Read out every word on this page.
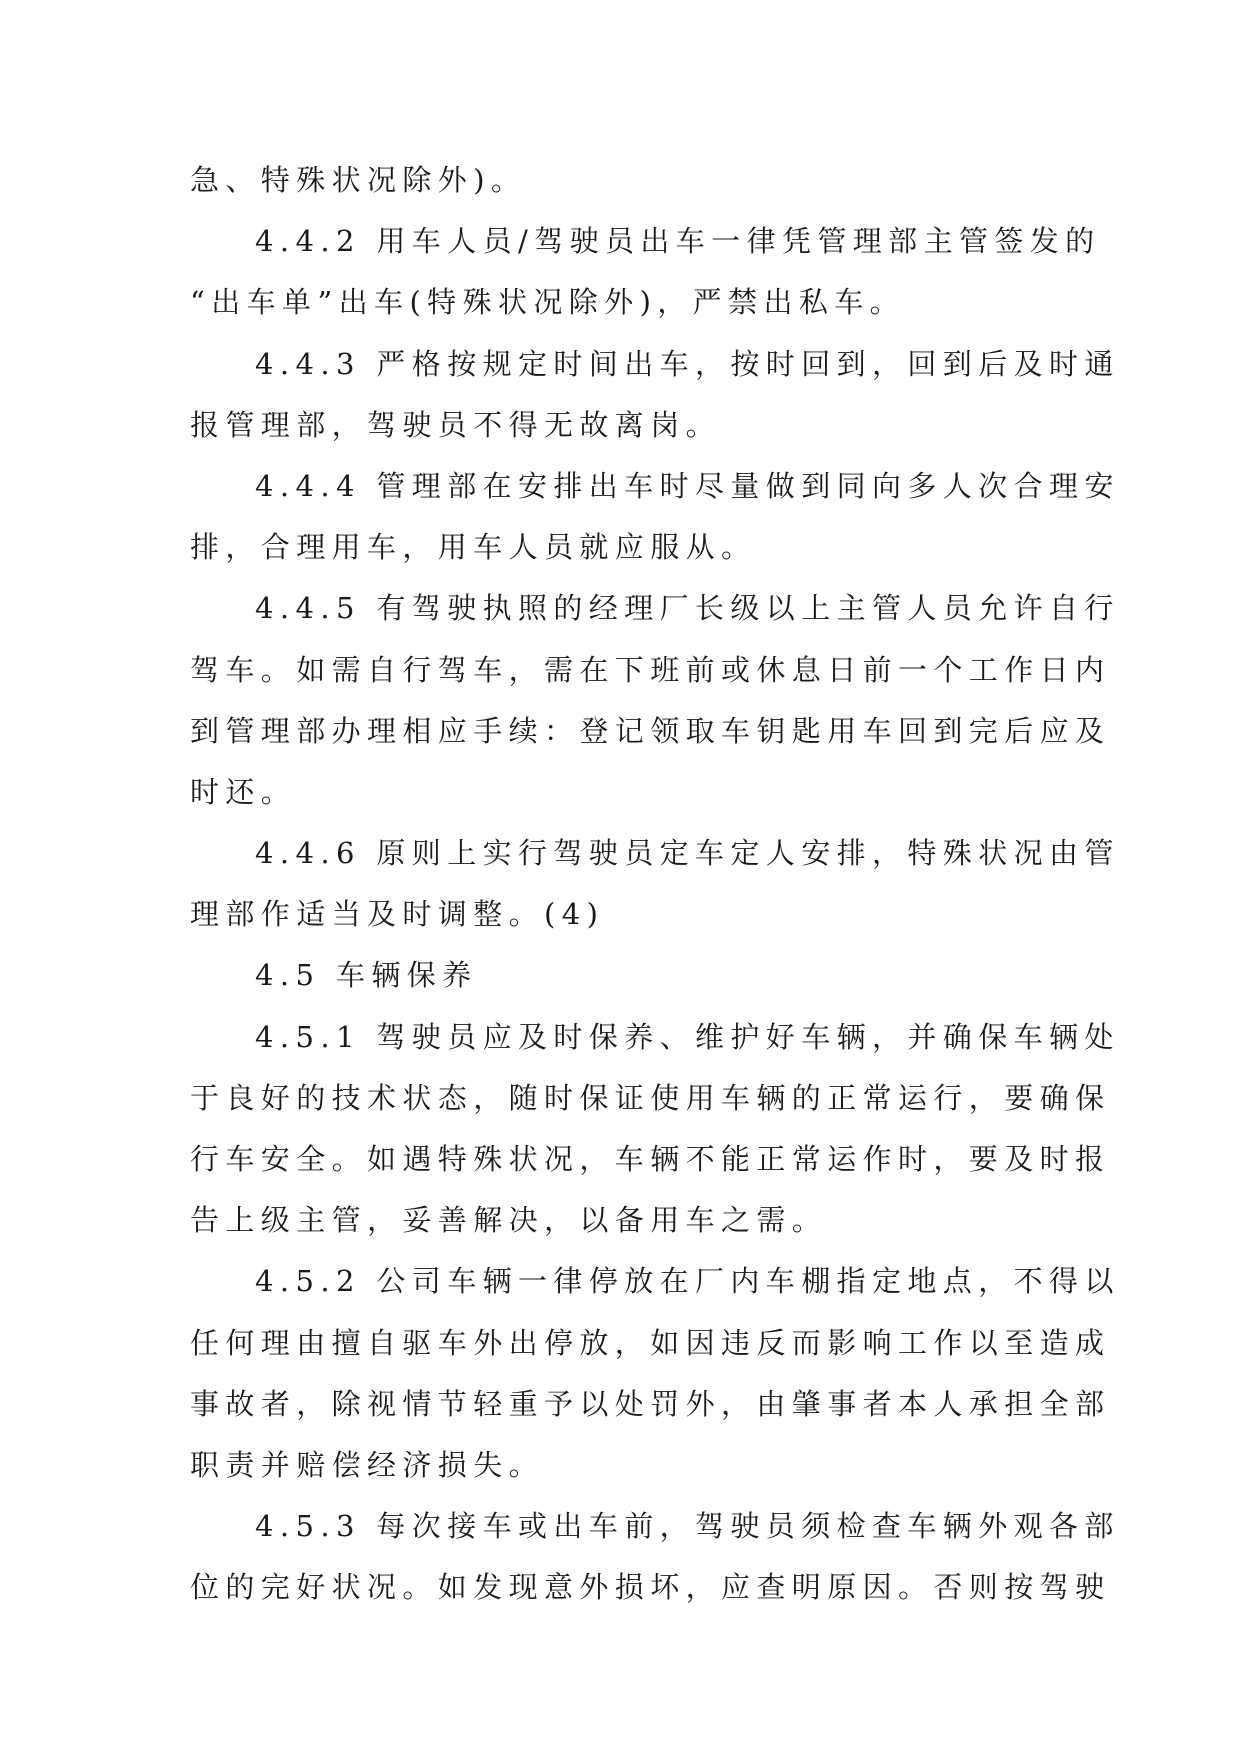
急、特殊状况除外)。
4.4.2 用车人员/驾驶员出车一律凭管理部主管签发的
“出车单”出车(特殊状况除外)，严禁出私车。
4.4.3 严格按规定时间出车，按时回到，回到后及时通
报管理部，驾驶员不得无故离岗。
4.4.4 管理部在安排出车时尽量做到同向多人次合理安
排，合理用车，用车人员就应服从。
4.4.5 有驾驶执照的经理厂长级以上主管人员允许自行
驾车。如需自行驾车，需在下班前或休息日前一个工作日内
到管理部办理相应手续：登记领取车钥匙用车回到完后应及
时还。
4.4.6 原则上实行驾驶员定车定人安排，特殊状况由管
理部作适当及时调整。(4)
4.5 车辆保养
4.5.1 驾驶员应及时保养、维护好车辆，并确保车辆处
于良好的技术状态，随时保证使用车辆的正常运行，要确保
行车安全。如遇特殊状况，车辆不能正常运作时，要及时报
告上级主管，妥善解决，以备用车之需。
4.5.2 公司车辆一律停放在厂内车棚指定地点，不得以
任何理由擅自驱车外出停放，如因违反而影响工作以至造成
事故者，除视情节轻重予以处罚外，由肇事者本人承担全部
职责并赔偿经济损失。
4.5.3 每次接车或出车前，驾驶员须检查车辆外观各部
位的完好状况。如发现意外损坏，应查明原因。否则按驾驶
